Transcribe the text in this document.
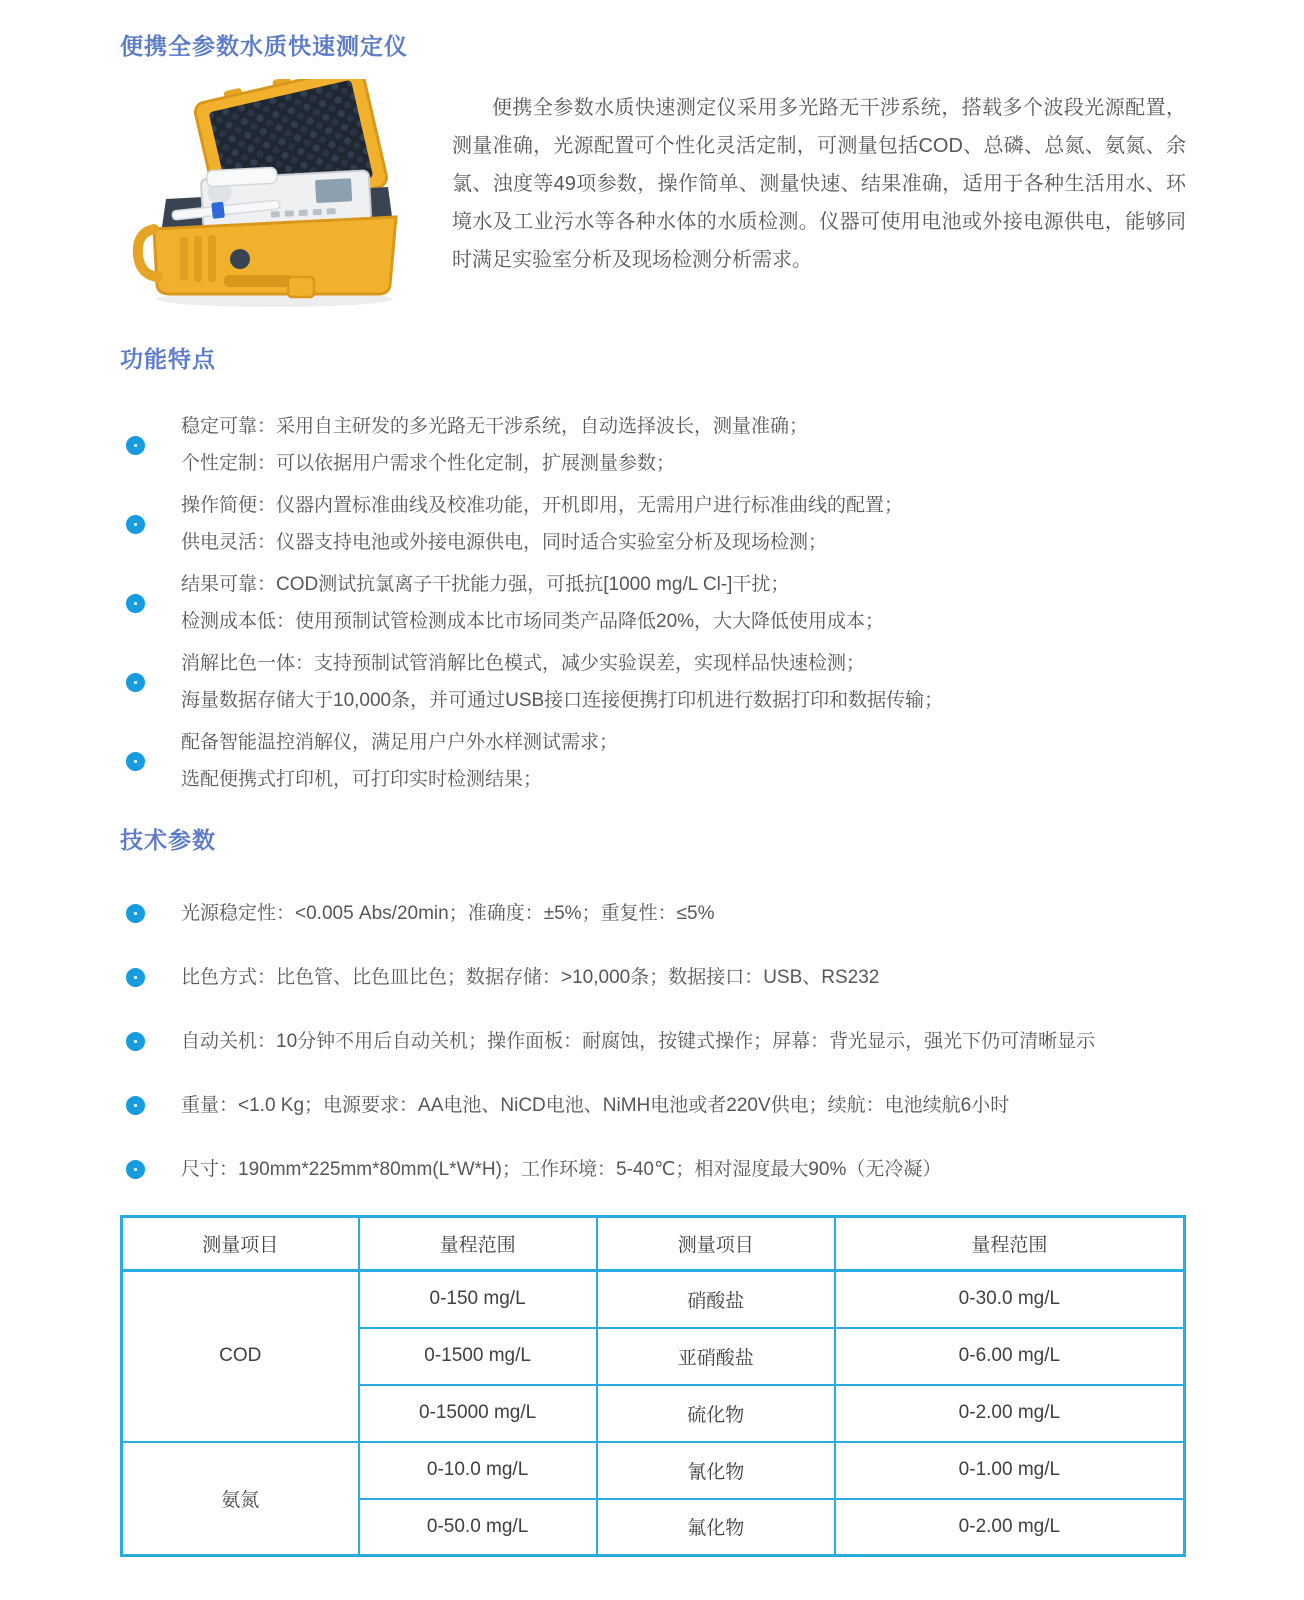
便携全参数水质快速测定仪

便携全参数水质快速测定仪采用多光路无干涉系统，搭载多个波段光源配置，测量准确，光源配置可个性化灵活定制，可测量包括COD、总磷、总氮、氨氮、余氯、浊度等49项参数，操作简单、测量快速、结果准确，适用于各种生活用水、环境水及工业污水等各种水体的水质检测。仪器可使用电池或外接电源供电，能够同时满足实验室分析及现场检测分析需求。

功能特点

稳定可靠：采用自主研发的多光路无干涉系统，自动选择波长，测量准确；

个性定制：可以依据用户需求个性化定制，扩展测量参数；

操作简便：仪器内置标准曲线及校准功能，开机即用，无需用户进行标准曲线的配置；

供电灵活：仪器支持电池或外接电源供电，同时适合实验室分析及现场检测；

结果可靠：COD测试抗氯离子干扰能力强，可抵抗[1000 mg/L Cl-]干扰；

检测成本低：使用预制试管检测成本比市场同类产品降低20%，大大降低使用成本；

消解比色一体：支持预制试管消解比色模式，减少实验误差，实现样品快速检测；

海量数据存储大于10,000条，并可通过USB接口连接便携打印机进行数据打印和数据传输；

配备智能温控消解仪，满足用户户外水样测试需求；

选配便携式打印机，可打印实时检测结果；

技术参数

光源稳定性：<0.005 Abs/20min；准确度：±5%；重复性：≤5%

比色方式：比色管、比色皿比色；数据存储：>10,000条；数据接口：USB、RS232

自动关机：10分钟不用后自动关机；操作面板：耐腐蚀，按键式操作；屏幕：背光显示，强光下仍可清晰显示

重量：<1.0 Kg；电源要求：AA电池、NiCD电池、NiMH电池或者220V供电；续航：电池续航6小时

尺寸：190mm*225mm*80mm(L*W*H)；工作环境：5-40℃；相对湿度最大90%（无冷凝）

测量项目	量程范围	测量项目	量程范围
COD	0-150 mg/L	硝酸盐	0-30.0 mg/L
	0-1500 mg/L	亚硝酸盐	0-6.00 mg/L
	0-15000 mg/L	硫化物	0-2.00 mg/L
氨氮	0-10.0 mg/L	氰化物	0-1.00 mg/L
	0-50.0 mg/L	氟化物	0-2.00 mg/L
